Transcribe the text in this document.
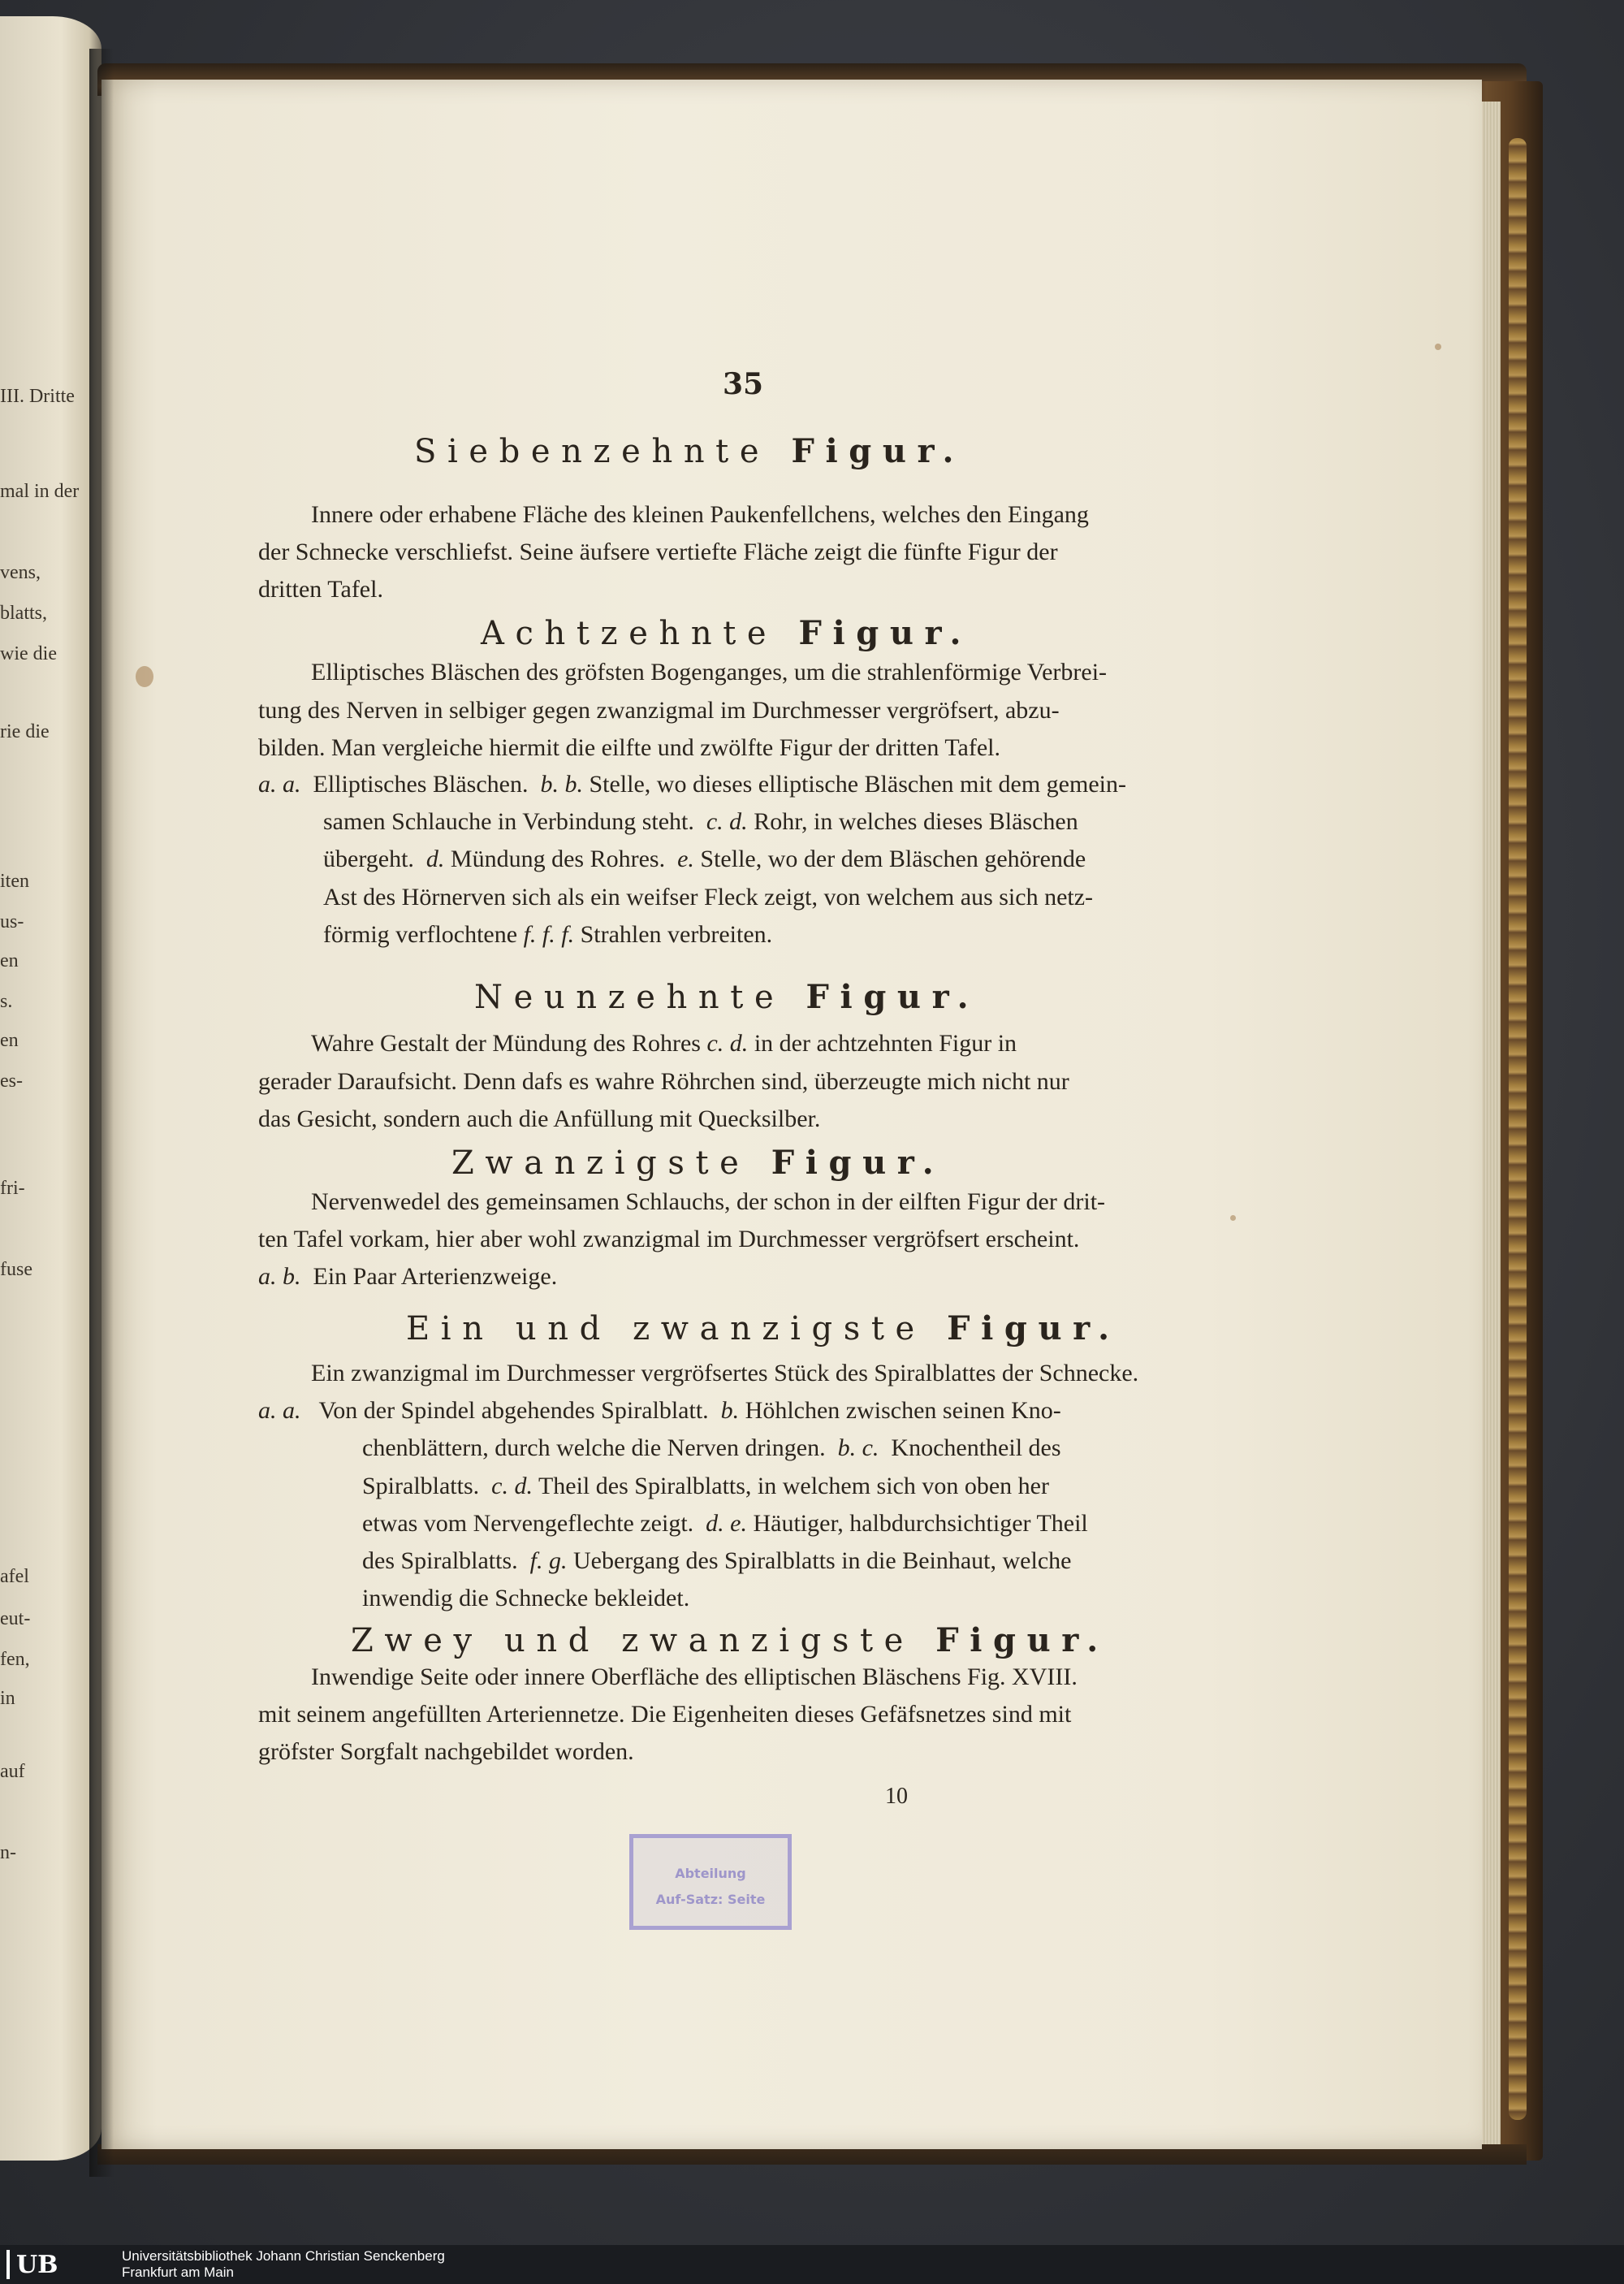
III. Dritte
mal in der
vens,
blatts,
wie die
rie die
iten
us-
en
s.
en
es-
fri-
fuse
afel
eut-
fen,
in
auf
n-
35
Siebenzehnte Figur.
Innere oder erhabene Fläche des kleinen Paukenfellchens, welches den Eingang
der Schnecke verschliefst. Seine äufsere vertiefte Fläche zeigt die fünfte Figur der
dritten Tafel.
Achtzehnte Figur.
Elliptisches Bläschen des gröfsten Bogenganges, um die strahlenförmige Verbrei-
tung des Nerven in selbiger gegen zwanzigmal im Durchmesser vergröfsert, abzu-
bilden. Man vergleiche hiermit die eilfte und zwölfte Figur der dritten Tafel.
a. a. Elliptisches Bläschen. b. b. Stelle, wo dieses elliptische Bläschen mit dem gemein-
samen Schlauche in Verbindung steht. c. d. Rohr, in welches dieses Bläschen
übergeht. d. Mündung des Rohres. e. Stelle, wo der dem Bläschen gehörende
Ast des Hörnerven sich als ein weifser Fleck zeigt, von welchem aus sich netz-
förmig verflochtene f. f. f. Strahlen verbreiten.
Neunzehnte Figur.
Wahre Gestalt der Mündung des Rohres c. d. in der achtzehnten Figur in
gerader Daraufsicht. Denn dafs es wahre Röhrchen sind, überzeugte mich nicht nur
das Gesicht, sondern auch die Anfüllung mit Quecksilber.
Zwanzigste Figur.
Nervenwedel des gemeinsamen Schlauchs, der schon in der eilften Figur der drit-
ten Tafel vorkam, hier aber wohl zwanzigmal im Durchmesser vergröfsert erscheint.
a. b. Ein Paar Arterienzweige.
Ein und zwanzigste Figur.
Ein zwanzigmal im Durchmesser vergröfsertes Stück des Spiralblattes der Schnecke.
a. a. Von der Spindel abgehendes Spiralblatt. b. Höhlchen zwischen seinen Kno-
chenblättern, durch welche die Nerven dringen. b. c. Knochentheil des
Spiralblatts. c. d. Theil des Spiralblatts, in welchem sich von oben her
etwas vom Nervengeflechte zeigt. d. e. Häutiger, halbdurchsichtiger Theil
des Spiralblatts. f. g. Uebergang des Spiralblatts in die Beinhaut, welche
inwendig die Schnecke bekleidet.
Zwey und zwanzigste Figur.
Inwendige Seite oder innere Oberfläche des elliptischen Bläschens Fig. XVIII.
mit seinem angefüllten Arteriennetze. Die Eigenheiten dieses Gefäfsnetzes sind mit
gröfster Sorgfalt nachgebildet worden.
10
Abteilung
Auf-Satz: Seite
UB	Universitätsbibliothek Johann Christian Senckenberg
Frankfurt am Main
